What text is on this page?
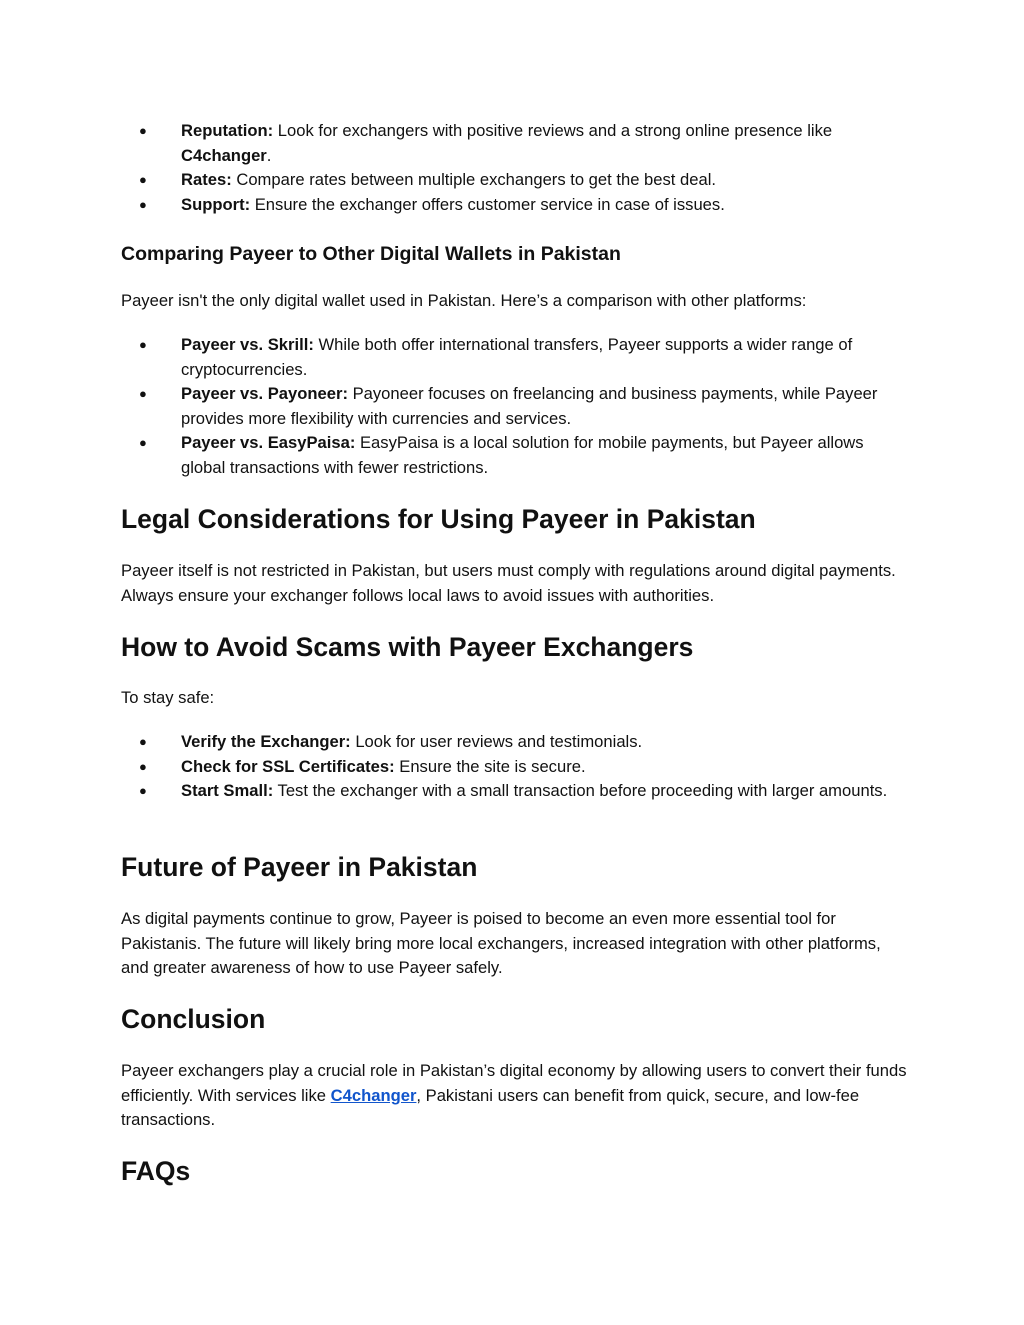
● Reputation: Look for exchangers with positive reviews and a strong online presence like C4changer.
● Rates: Compare rates between multiple exchangers to get the best deal.
● Support: Ensure the exchanger offers customer service in case of issues.
Comparing Payeer to Other Digital Wallets in Pakistan

Payeer isn't the only digital wallet used in Pakistan. Here’s a comparison with other platforms:

● Payeer vs. Skrill: While both offer international transfers, Payeer supports a wider range of cryptocurrencies.
● Payeer vs. Payoneer: Payoneer focuses on freelancing and business payments, while Payeer provides more flexibility with currencies and services.
● Payeer vs. EasyPaisa: EasyPaisa is a local solution for mobile payments, but Payeer allows global transactions with fewer restrictions.
Legal Considerations for Using Payeer in Pakistan

Payeer itself is not restricted in Pakistan, but users must comply with regulations around digital payments. Always ensure your exchanger follows local laws to avoid issues with authorities.

How to Avoid Scams with Payeer Exchangers

To stay safe:

● Verify the Exchanger: Look for user reviews and testimonials.
● Check for SSL Certificates: Ensure the site is secure.
● Start Small: Test the exchanger with a small transaction before proceeding with larger amounts.
Future of Payeer in Pakistan

As digital payments continue to grow, Payeer is poised to become an even more essential tool for Pakistanis. The future will likely bring more local exchangers, increased integration with other platforms, and greater awareness of how to use Payeer safely.

Conclusion

Payeer exchangers play a crucial role in Pakistan’s digital economy by allowing users to convert their funds efficiently. With services like C4changer, Pakistani users can benefit from quick, secure, and low-fee transactions.

FAQs
